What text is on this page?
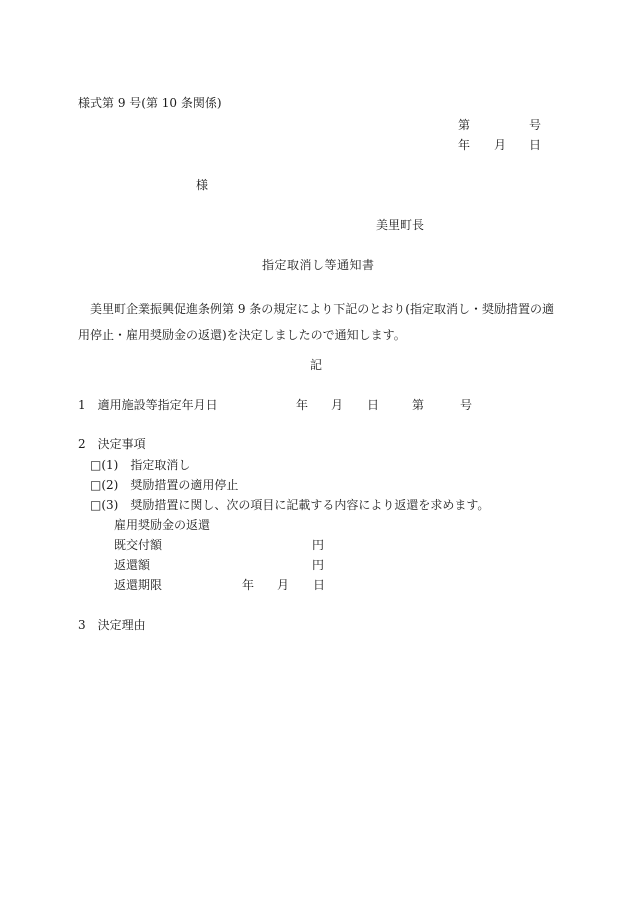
様式第 9 号(第 10 条関係)
第	号
年 月 日
様
美里町長
指定取消し等通知書
美里町企業振興促進条例第 9 条の規定により下記のとおり(指定取消し・奨励措置の適用停止・雇用奨励金の返還)を決定しましたので通知します。
記
1　適用施設等指定年月日	年 月 日	第	号
2　決定事項
□(1)　指定取消し
□(2)　奨励措置の適用停止
□(3)　奨励措置に関し、次の項目に記載する内容により返還を求めます。
雇用奨励金の返還
既交付額	円
返還額	円
返還期限	年 月 日
3　決定理由
